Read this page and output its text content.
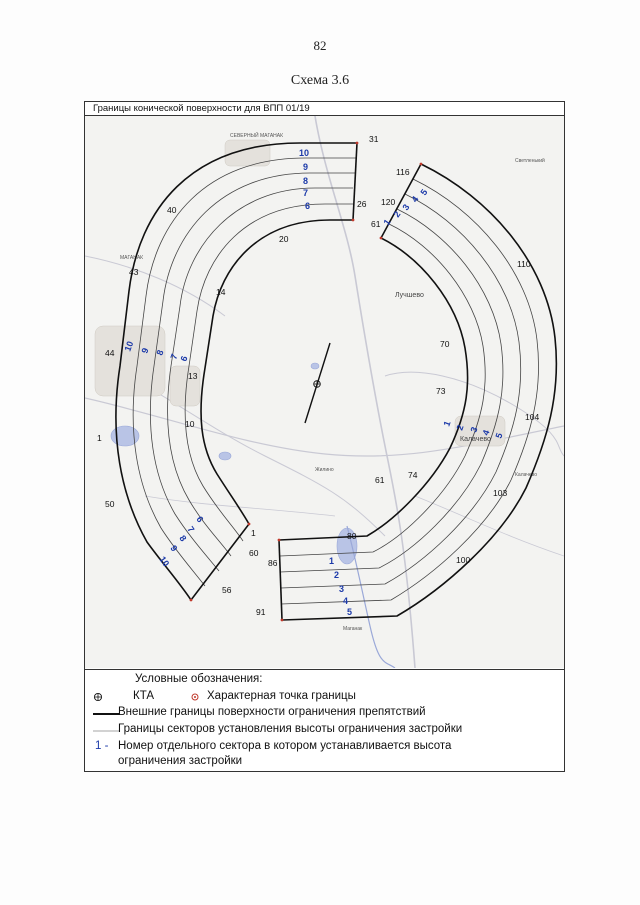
82
Схема 3.6
Границы конической поверхности для ВПП 01/19
СЕВЕРНЫЙ МАГАНАК
МАГАНАК
Лучшево
Калачево
Светленький
Калачево
Жилино
Маганак
31
116
40
26 120
61
20
43
110
14
44
70
13
73
104
10
1
61	74
103
50
1	80
60
86	100
56
91
10
9
8
7
6
10 9 8 7
6
6
7
8
9
10
1
2
3
4
5
1 2 3 4 5
1
2
3
4
5
Условные обозначения:
КТА	Характерная точка границы
Внешние границы поверхности ограничения препятствий
Границы секторов установления высоты ограничения застройки
1 - Номер отдельного сектора в котором устанавливается высота
ограничения застройки
